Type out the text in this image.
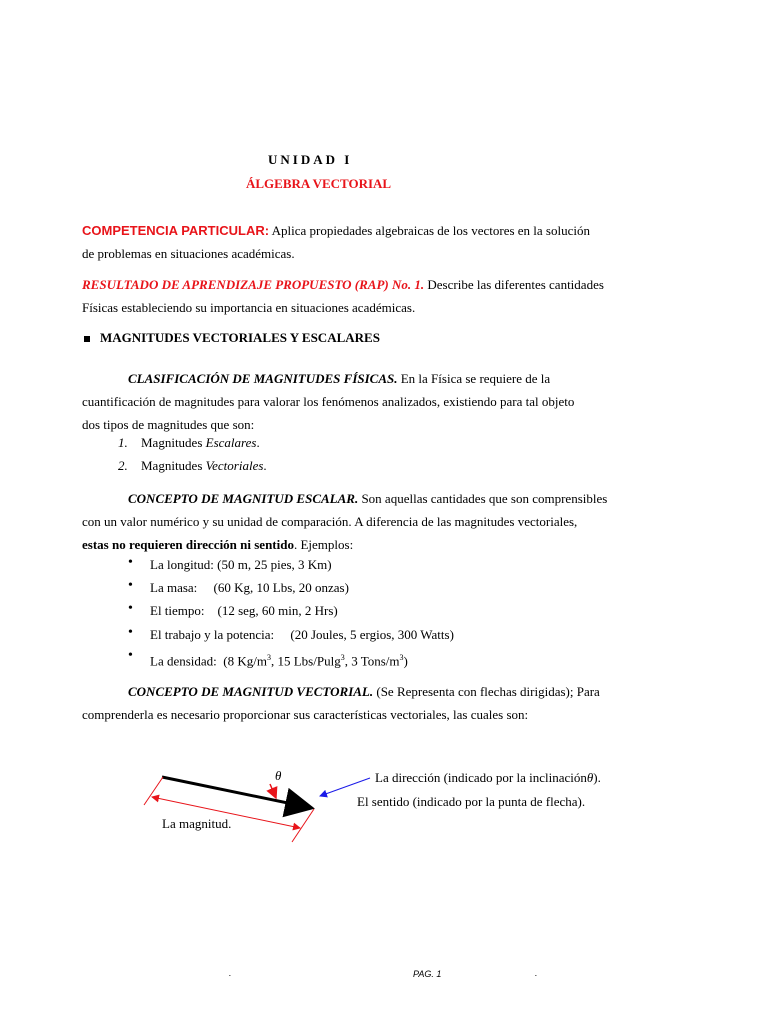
UNIDAD I
ÁLGEBRA VECTORIAL
COMPETENCIA PARTICULAR: Aplica propiedades algebraicas de los vectores en la solución
de problemas en situaciones académicas.
RESULTADO DE APRENDIZAJE PROPUESTO (RAP) No. 1. Describe las diferentes cantidades
Físicas estableciendo su importancia en situaciones académicas.
MAGNITUDES VECTORIALES Y ESCALARES
CLASIFICACIÓN DE MAGNITUDES FÍSICAS. En la Física se requiere de la
cuantificación de magnitudes para valorar los fenómenos analizados, existiendo para tal objeto
dos tipos de magnitudes que son:
1. Magnitudes Escalares.
2. Magnitudes Vectoriales.
CONCEPTO DE MAGNITUD ESCALAR. Son aquellas cantidades que son comprensibles
con un valor numérico y su unidad de comparación. A diferencia de las magnitudes vectoriales,
estas no requieren dirección ni sentido. Ejemplos:
• La longitud: (50 m, 25 pies, 3 Km)
• La masa:     (60 Kg, 10 Lbs, 20 onzas)
• El tiempo:    (12 seg, 60 min, 2 Hrs)
• El trabajo y la potencia:     (20 Joules, 5 ergios, 300 Watts)
• La densidad:  (8 $Kg/m^3$, 15 Lbs/Pulg$^3$, 3 Tons/$m^3$)
CONCEPTO DE MAGNITUD VECTORIAL. (Se Representa con flechas dirigidas); Para
comprenderla es necesario proporcionar sus características vectoriales, las cuales son:
θ	La dirección (indicado por la inclinaciónθ).
El sentido (indicado por la punta de flecha).
La magnitud.
.	PAG. 1	.
